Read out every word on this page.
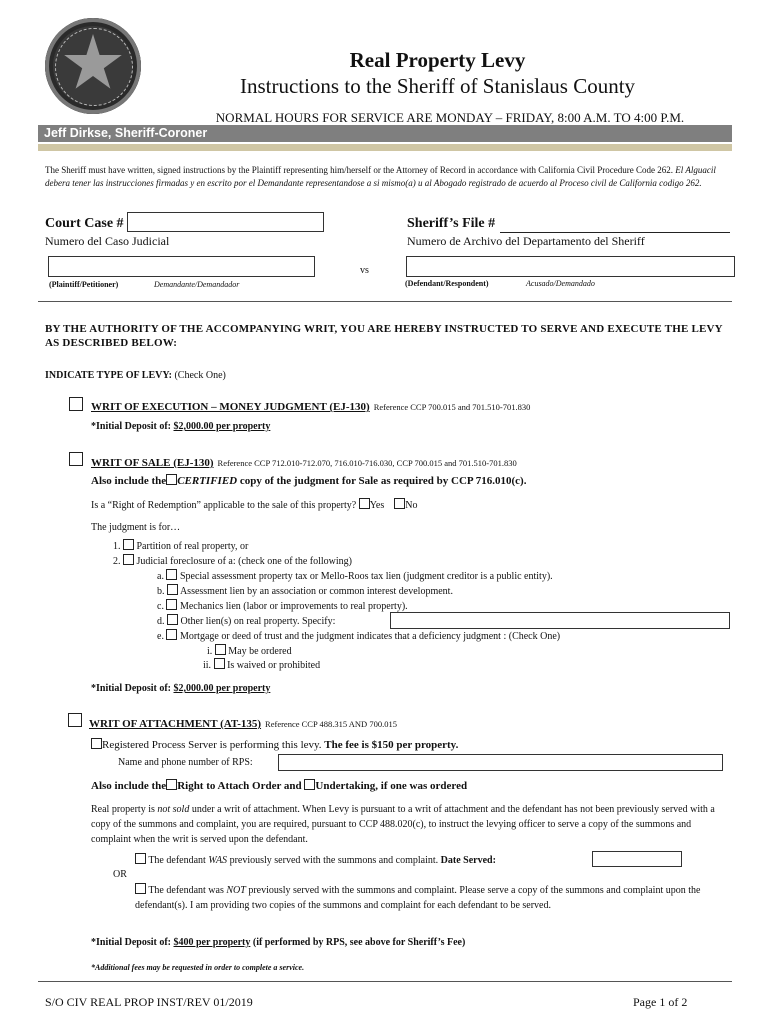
Real Property Levy
Instructions to the Sheriff of Stanislaus County
NORMAL HOURS FOR SERVICE ARE MONDAY – FRIDAY, 8:00 A.M. TO 4:00 P.M.
Jeff Dirkse, Sheriff-Coroner
The Sheriff must have written, signed instructions by the Plaintiff representing him/herself or the Attorney of Record in accordance with California Civil Procedure Code 262. El Alguacil debera tener las instrucciones firmadas y en escrito por el Demandante representandose a si mismo(a) u al Abogado registrado de acuerdo al Proceso civil de California codigo 262.
Court Case #
Numero del Caso Judicial
Sheriff’s File #
Numero de Archivo del Departamento del Sheriff
vs
(Plaintiff/Petitioner)	Demandante/Demandador	(Defendant/Respondent)	Acusado/Demandado
BY THE AUTHORITY OF THE ACCOMPANYING WRIT, YOU ARE HEREBY INSTRUCTED TO SERVE AND EXECUTE THE LEVY AS DESCRIBED BELOW:
INDICATE TYPE OF LEVY: (Check One)
WRIT OF EXECUTION – MONEY JUDGMENT (EJ-130) Reference CCP 700.015 and 701.510-701.830
*Initial Deposit of: $2,000.00 per property
WRIT OF SALE (EJ-130) Reference CCP 712.010-712.070, 716.010-716.030, CCP 700.015 and 701.510-701.830
Also include the CERTIFIED copy of the judgment for Sale as required by CCP 716.010(c).
Is a “Right of Redemption” applicable to the sale of this property? Yes No
The judgment is for…
1. Partition of real property, or
2. Judicial foreclosure of a: (check one of the following)
a. Special assessment property tax or Mello-Roos tax lien (judgment creditor is a public entity).
b. Assessment lien by an association or common interest development.
c. Mechanics lien (labor or improvements to real property).
d. Other lien(s) on real property. Specify:
e. Mortgage or deed of trust and the judgment indicates that a deficiency judgment : (Check One)
i. May be ordered
ii. Is waived or prohibited
*Initial Deposit of: $2,000.00 per property
WRIT OF ATTACHMENT (AT-135) Reference CCP 488.315 AND 700.015
Registered Process Server is performing this levy. The fee is $150 per property.
Name and phone number of RPS:
Also include the Right to Attach Order and Undertaking, if one was ordered
Real property is not sold under a writ of attachment. When Levy is pursuant to a writ of attachment and the defendant has not been previously served with a copy of the summons and complaint, you are required, pursuant to CCP 488.020(c), to instruct the levying officer to serve a copy of the summons and complaint when the writ is served upon the defendant.
The defendant WAS previously served with the summons and complaint. Date Served:
OR
The defendant was NOT previously served with the summons and complaint. Please serve a copy of the summons and complaint upon the defendant(s). I am providing two copies of the summons and complaint for each defendant to be served.
*Initial Deposit of: $400 per property (if performed by RPS, see above for Sheriff’s Fee)
*Additional fees may be requested in order to complete a service.
S/O CIV REAL PROP INST/REV 01/2019	Page 1 of 2
